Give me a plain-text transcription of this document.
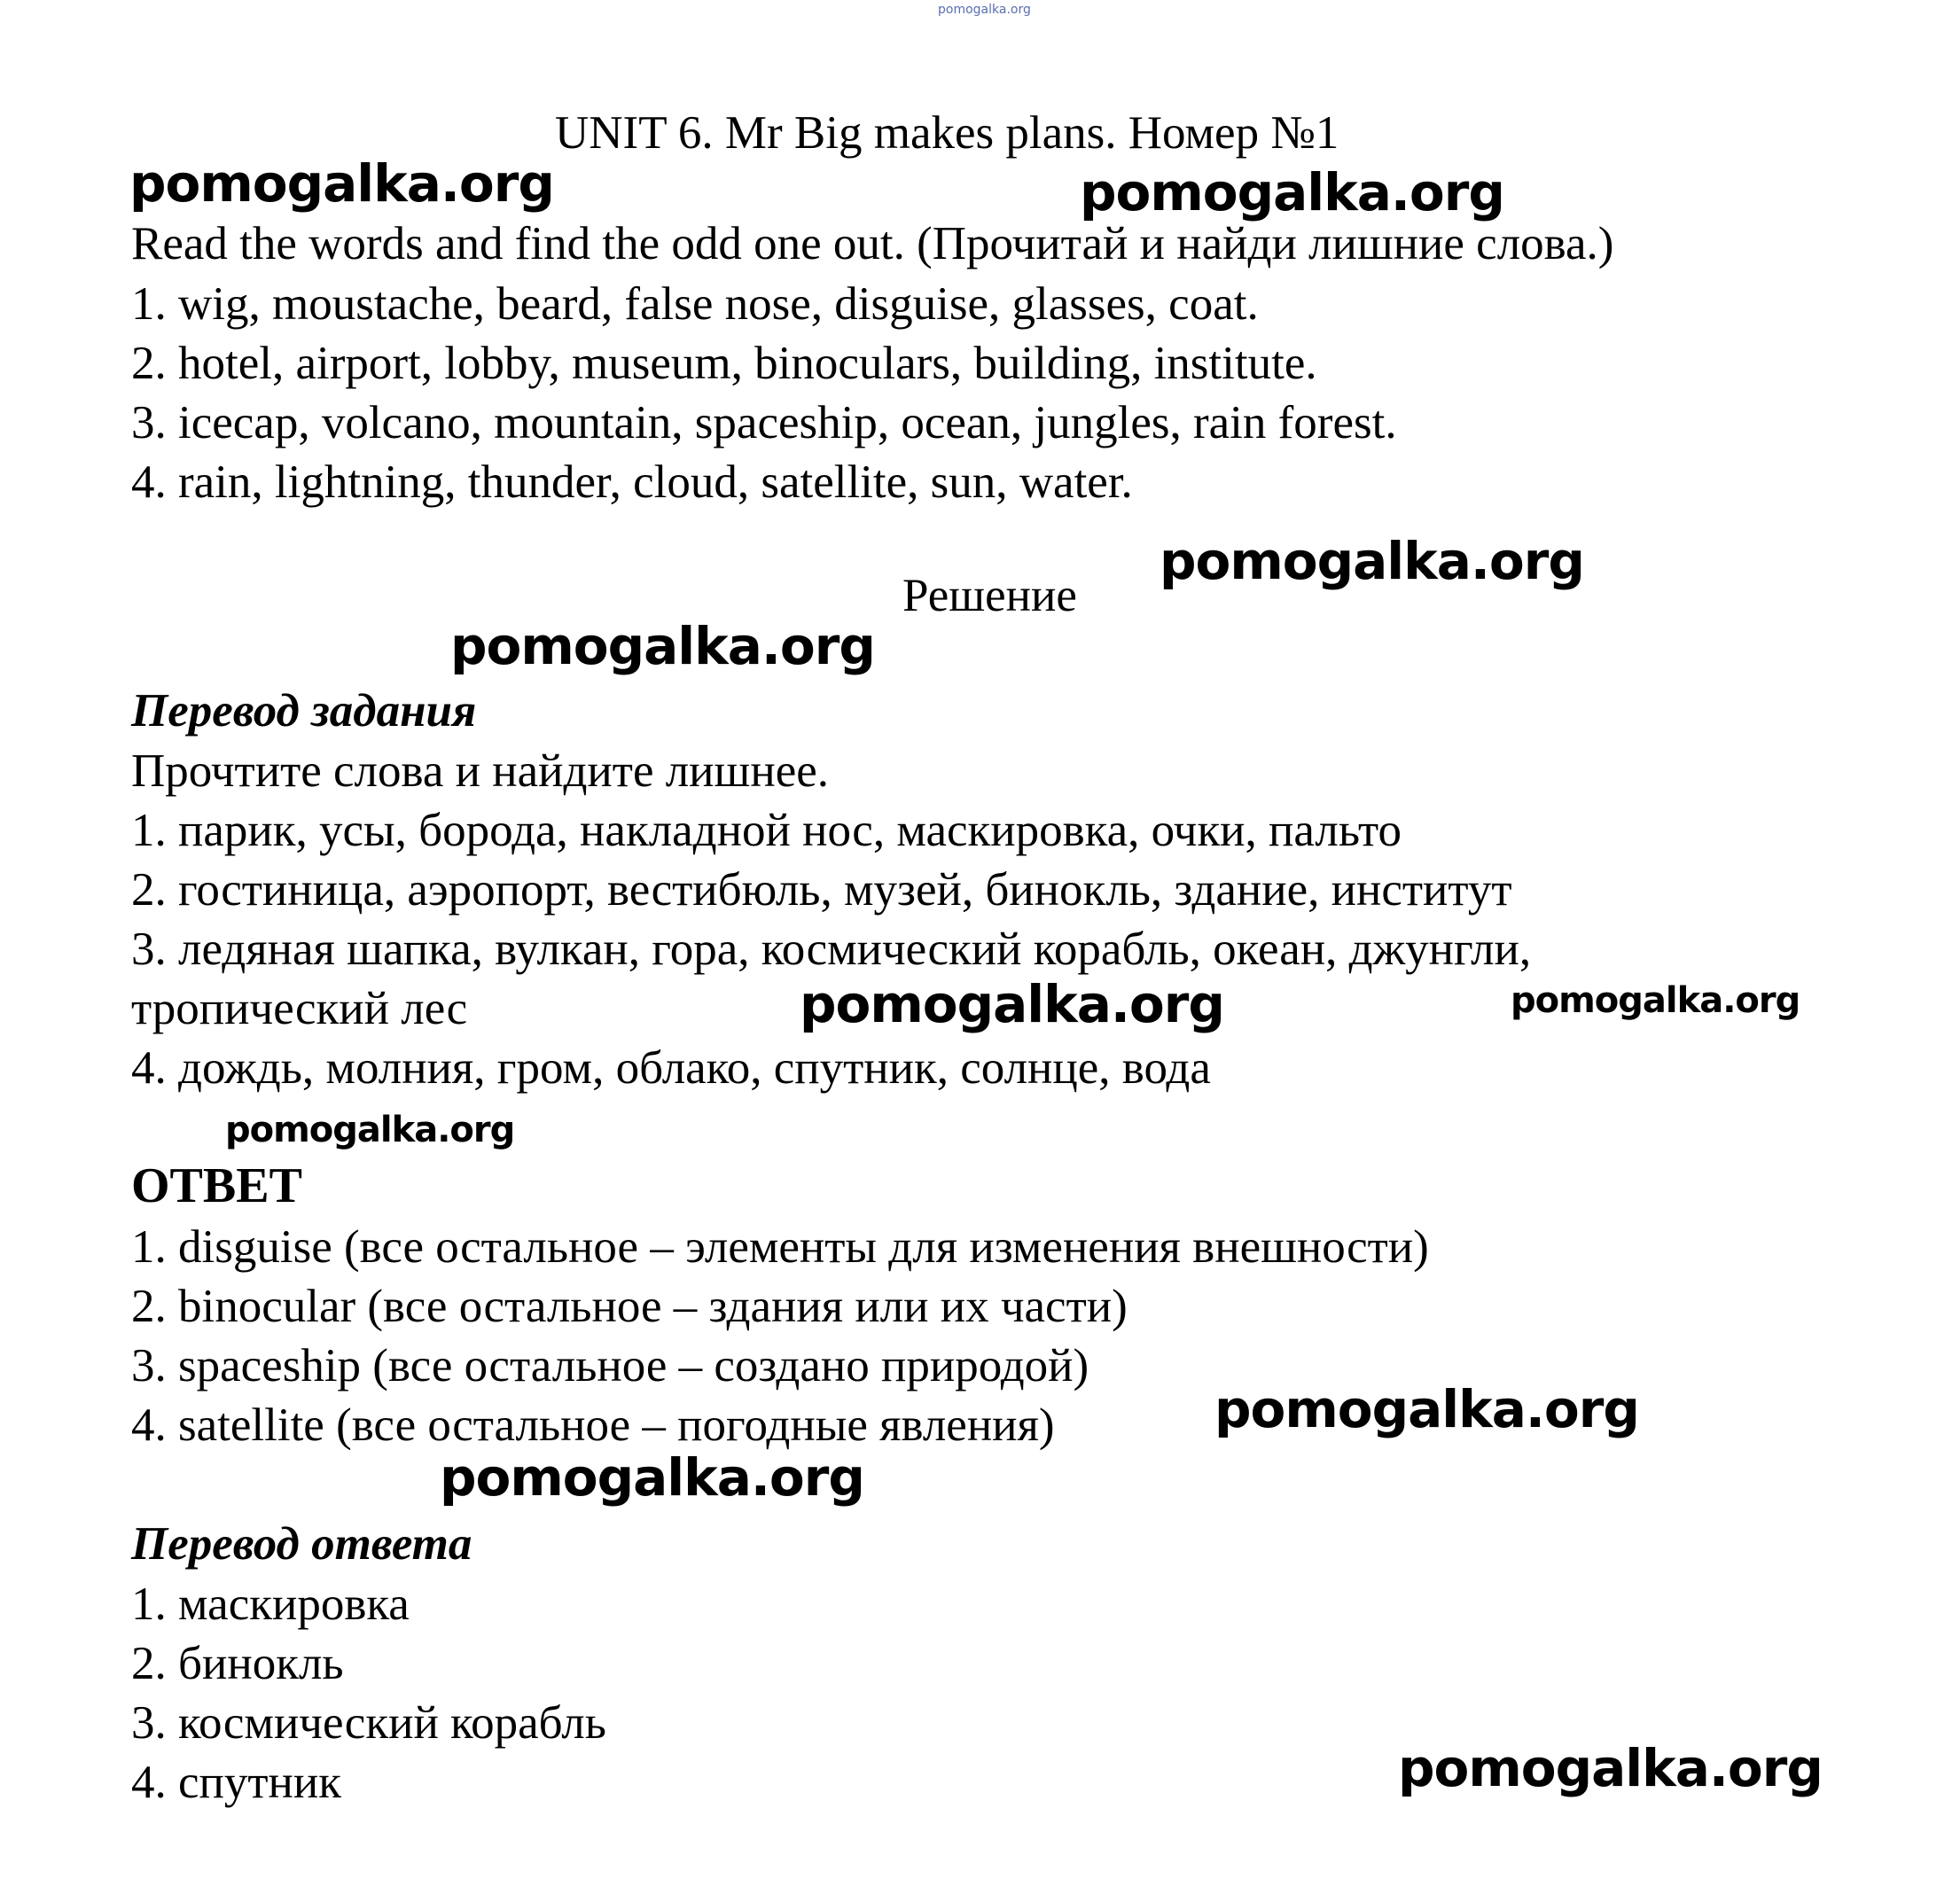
pomogalka.org
UNIT 6. Mr Big makes plans. Номер №1
Read the words and find the odd one out. (Прочитай и найди лишние слова.)
1. wig, moustache, beard, false nose, disguise, glasses, coat.
2. hotel, airport, lobby, museum, binoculars, building, institute.
3. icecap, volcano, mountain, spaceship, ocean, jungles, rain forest.
4. rain, lightning, thunder, cloud, satellite, sun, water.
Решение
Перевод задания
Прочтите слова и найдите лишнее.
1. парик, усы, борода, накладной нос, маскировка, очки, пальто
2. гостиница, аэропорт, вестибюль, музей, бинокль, здание, институт
3. ледяная шапка, вулкан, гора, космический корабль, океан, джунгли,
тропический лес
4. дождь, молния, гром, облако, спутник, солнце, вода
ОТВЕТ
1. disguise (все остальное – элементы для изменения внешности)
2. binocular (все остальное – здания или их части)
3. spaceship (все остальное – создано природой)
4. satellite (все остальное – погодные явления)
Перевод ответа
1. маскировка
2. бинокль
3. космический корабль
4. спутник
pomogalka.org	pomogalka.org
pomogalka.org
pomogalka.org
pomogalka.org	pomogalka.org
pomogalka.org
pomogalka.org
pomogalka.org
pomogalka.org
